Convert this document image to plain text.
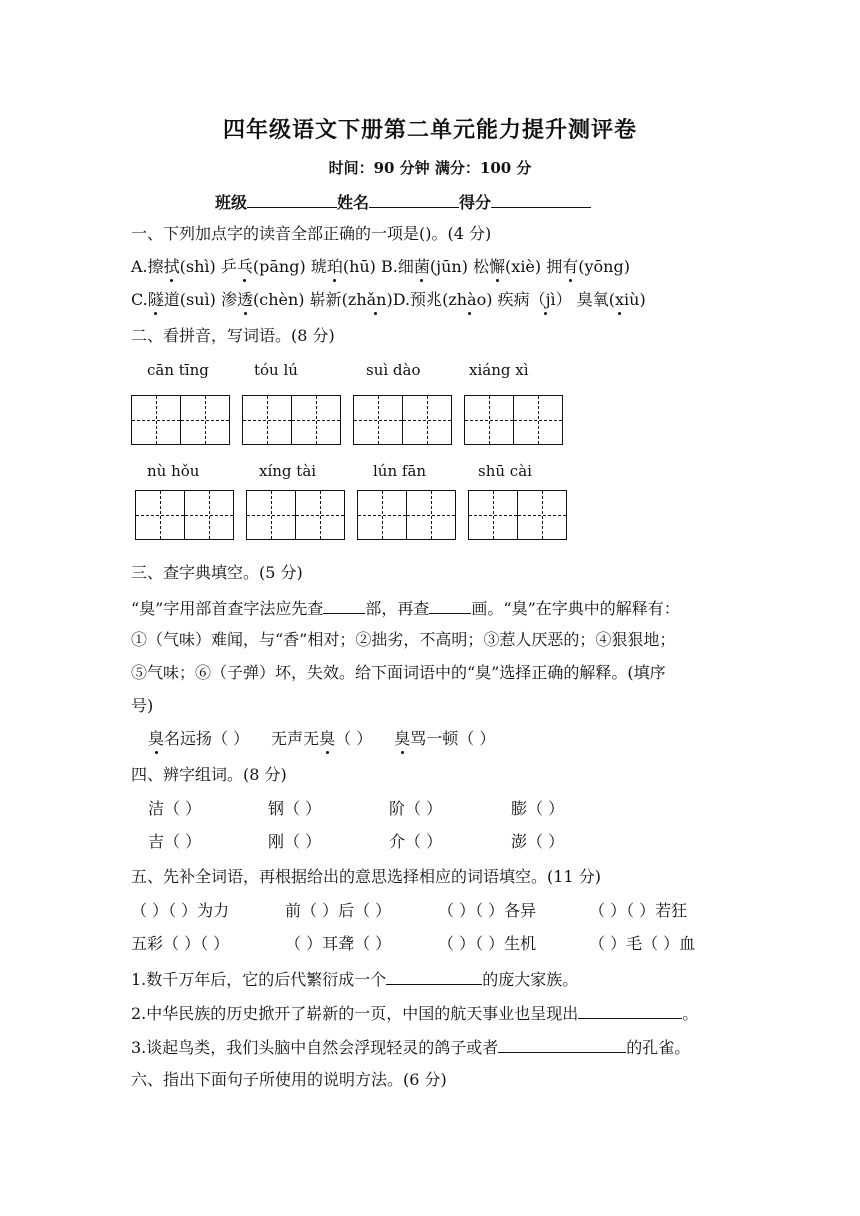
四年级语文下册第二单元能力提升测评卷
时间：90 分钟 满分：100 分
班级	姓名	得分
一、下列加点字的读音全部正确的一项是()。(4 分)
A.擦拭(shì) 乒乓(pāng) 琥珀(hū) B.细菌(jūn) 松懈(xiè) 拥有(yōng)
C.隧道(suì) 渗透(chèn) 崭新(zhǎn)D.预兆(zhào) 疾病（jì） 臭氧(xiù)
二、看拼音，写词语。(8 分)
cān tīng	tóu lú	suì dào	xiáng xì
nù hǒu	xíng tài	lún fān	shū cài
三、查字典填空。(5 分)
“臭”字用部首查字法应先查	部，再查	画。“臭”在字典中的解释有：
①（气味）难闻，与“香”相对；②拙劣，不高明；③惹人厌恶的；④狠狠地；
⑤气味；⑥（子弹）坏，失效。给下面词语中的“臭”选择正确的解释。(填序
号)
臭名远扬（ ） 无声无臭（ ） 臭骂一顿（ ）
四、辨字组词。(8 分)
洁（ ）	钢（ ）	阶（ ）	膨（ ）
吉（ ）	刚（ ）	介（ ）	澎（ ）
五、先补全词语，再根据给出的意思选择相应的词语填空。(11 分)
（ ）（ ）为力	前（ ）后（ ）	（ ）（ ）各异	（ ）（ ）若狂
五彩（ ）（ ）	（ ）耳聋（ ）	（ ）（ ）生机	（ ）毛（ ）血
1.数千万年后，它的后代繁衍成一个	的庞大家族。
2.中华民族的历史掀开了崭新的一页，中国的航天事业也呈现出	。
3.谈起鸟类，我们头脑中自然会浮现轻灵的鸽子或者	的孔雀。
六、指出下面句子所使用的说明方法。(6 分)
